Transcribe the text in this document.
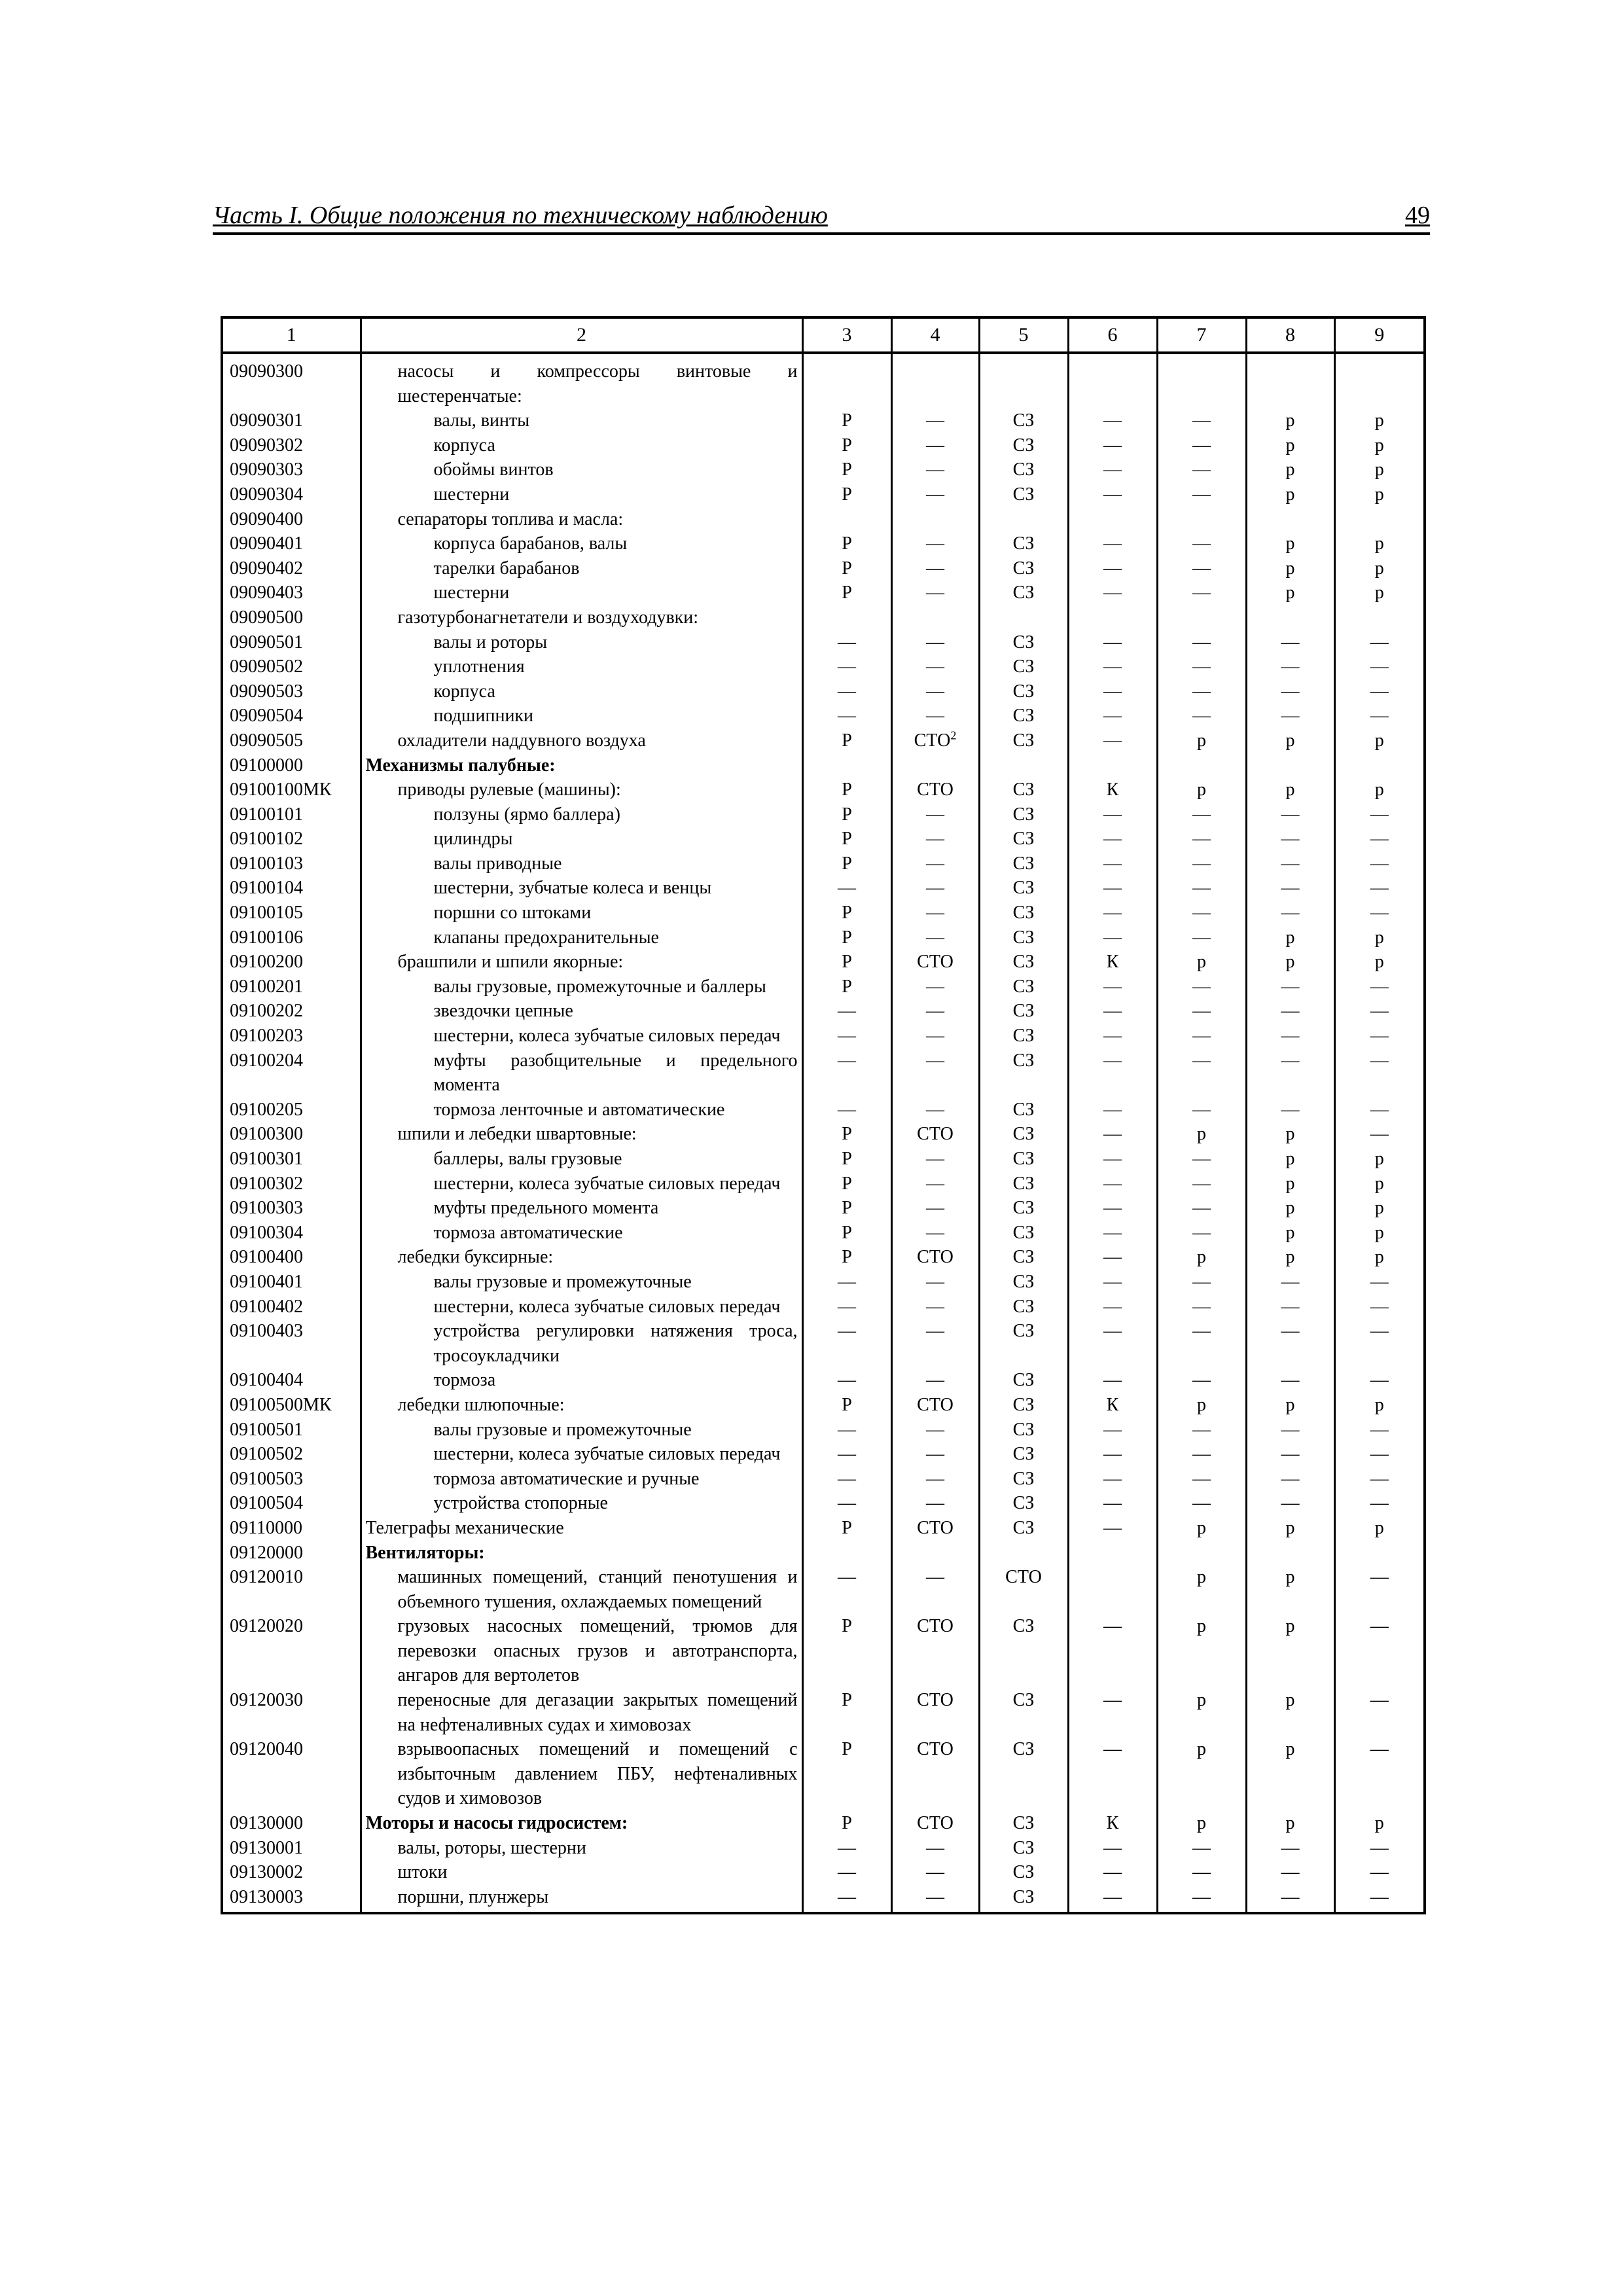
Часть I. Общие положения по техническому наблюдению	49
1	2	3	4	5	6	7	8	9
09090300	насосы и компрессоры винтовые и шестеренчатые:							
09090301	валы, винты	Р	—	СЗ	—	—	р	р
09090302	корпуса	Р	—	СЗ	—	—	р	р
09090303	обоймы винтов	Р	—	СЗ	—	—	р	р
09090304	шестерни	Р	—	СЗ	—	—	р	р
09090400	сепараторы топлива и масла:							
09090401	корпуса барабанов, валы	Р	—	СЗ	—	—	р	р
09090402	тарелки барабанов	Р	—	СЗ	—	—	р	р
09090403	шестерни	Р	—	СЗ	—	—	р	р
09090500	газотурбонагнетатели и воздуходувки:							
09090501	валы и роторы	—	—	СЗ	—	—	—	—
09090502	уплотнения	—	—	СЗ	—	—	—	—
09090503	корпуса	—	—	СЗ	—	—	—	—
09090504	подшипники	—	—	СЗ	—	—	—	—
09090505	охладители наддувного воздуха	Р	СТО$^2$	СЗ	—	р	р	р
09100000	Механизмы палубные:							
09100100МК	приводы рулевые (машины):	Р	СТО	СЗ	К	р	р	р
09100101	ползуны (ярмо баллера)	Р	—	СЗ	—	—	—	—
09100102	цилиндры	Р	—	СЗ	—	—	—	—
09100103	валы приводные	Р	—	СЗ	—	—	—	—
09100104	шестерни, зубчатые колеса и венцы	—	—	СЗ	—	—	—	—
09100105	поршни со штоками	Р	—	СЗ	—	—	—	—
09100106	клапаны предохранительные	Р	—	СЗ	—	—	р	р
09100200	брашпили и шпили якорные:	Р	СТО	СЗ	К	р	р	р
09100201	валы грузовые, промежуточные и баллеры	Р	—	СЗ	—	—	—	—
09100202	звездочки цепные	—	—	СЗ	—	—	—	—
09100203	шестерни, колеса зубчатые силовых передач	—	—	СЗ	—	—	—	—
09100204	муфты разобщительные и предельного момента	—	—	СЗ	—	—	—	—
09100205	тормоза ленточные и автоматические	—	—	СЗ	—	—	—	—
09100300	шпили и лебедки швартовные:	Р	СТО	СЗ	—	р	р	—
09100301	баллеры, валы грузовые	Р	—	СЗ	—	—	р	р
09100302	шестерни, колеса зубчатые силовых передач	Р	—	СЗ	—	—	р	р
09100303	муфты предельного момента	Р	—	СЗ	—	—	р	р
09100304	тормоза автоматические	Р	—	СЗ	—	—	р	р
09100400	лебедки буксирные:	Р	СТО	СЗ	—	р	р	р
09100401	валы грузовые и промежуточные	—	—	СЗ	—	—	—	—
09100402	шестерни, колеса зубчатые силовых передач	—	—	СЗ	—	—	—	—
09100403	устройства регулировки натяжения троса, тросоукладчики	—	—	СЗ	—	—	—	—
09100404	тормоза	—	—	СЗ	—	—	—	—
09100500МК	лебедки шлюпочные:	Р	СТО	СЗ	К	р	р	р
09100501	валы грузовые и промежуточные	—	—	СЗ	—	—	—	—
09100502	шестерни, колеса зубчатые силовых передач	—	—	СЗ	—	—	—	—
09100503	тормоза автоматические и ручные	—	—	СЗ	—	—	—	—
09100504	устройства стопорные	—	—	СЗ	—	—	—	—
09110000	Телеграфы механические	Р	СТО	СЗ	—	р	р	р
09120000	Вентиляторы:							
09120010	машинных помещений, станций пенотушения и объемного тушения, охлаждаемых помещений	—	—	СТО		р	р	—
09120020	грузовых насосных помещений, трюмов для перевозки опасных грузов и автотранспорта, ангаров для вертолетов	Р	СТО	СЗ	—	р	р	—
09120030	переносные для дегазации закрытых помещений на нефтеналивных судах и химовозах	Р	СТО	СЗ	—	р	р	—
09120040	взрывоопасных помещений и помещений с избыточным давлением ПБУ, нефтеналивных судов и химовозов	Р	СТО	СЗ	—	р	р	—
09130000	Моторы и насосы гидросистем:	Р	СТО	СЗ	К	р	р	р
09130001	валы, роторы, шестерни	—	—	СЗ	—	—	—	—
09130002	штоки	—	—	СЗ	—	—	—	—
09130003	поршни, плунжеры	—	—	СЗ	—	—	—	—
